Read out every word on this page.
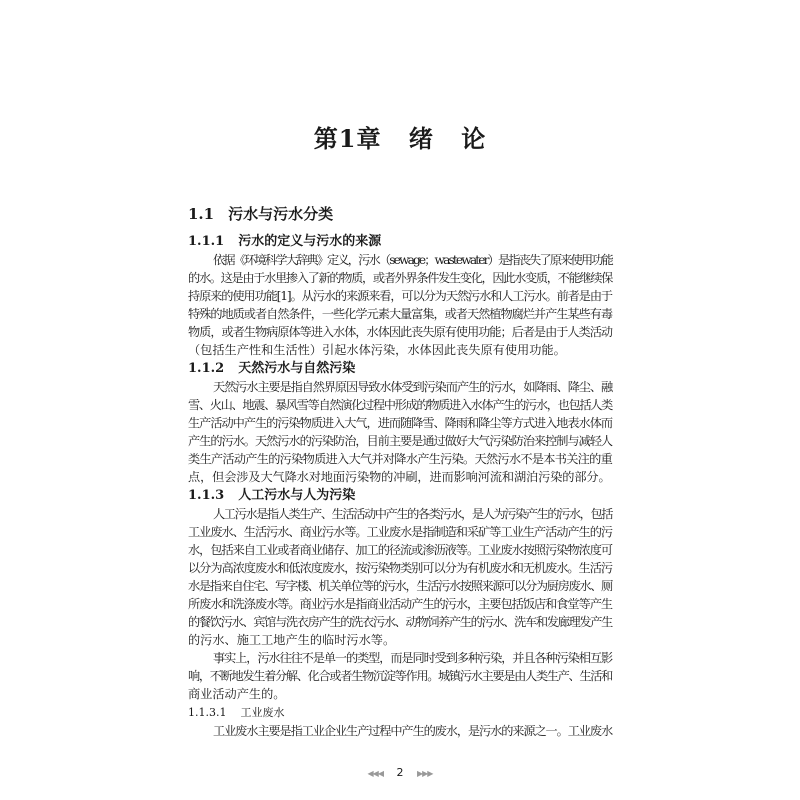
第1章 绪 论
1.1 污水与污水分类
1.1.1 污水的定义与污水的来源
依据《环境科学大辞典》定义，污水（sewage；wastewater）是指丧失了原来使用功能
的水。这是由于水里掺入了新的物质，或者外界条件发生变化，因此水变质，不能继续保
持原来的使用功能[1]。从污水的来源来看，可以分为天然污水和人工污水。前者是由于
特殊的地质或者自然条件，一些化学元素大量富集，或者天然植物腐烂并产生某些有毒
物质，或者生物病原体等进入水体，水体因此丧失原有使用功能；后者是由于人类活动
（包括生产性和生活性）引起水体污染，水体因此丧失原有使用功能。
1.1.2 天然污水与自然污染
天然污水主要是指自然界原因导致水体受到污染而产生的污水，如降雨、降尘、融
雪、火山、地震、暴风雪等自然演化过程中形成的物质进入水体产生的污水，也包括人类
生产活动中产生的污染物质进入大气，进而随降雪、降雨和降尘等方式进入地表水体而
产生的污水。天然污水的污染防治，目前主要是通过做好大气污染防治来控制与减轻人
类生产活动产生的污染物质进入大气并对降水产生污染。天然污水不是本书关注的重
点，但会涉及大气降水对地面污染物的冲刷，进而影响河流和湖泊污染的部分。
1.1.3 人工污水与人为污染
人工污水是指人类生产、生活活动中产生的各类污水，是人为污染产生的污水，包括
工业废水、生活污水、商业污水等。工业废水是指制造和采矿等工业生产活动产生的污
水，包括来自工业或者商业储存、加工的径流或渗沥液等。工业废水按照污染物浓度可
以分为高浓度废水和低浓度废水，按污染物类别可以分为有机废水和无机废水。生活污
水是指来自住宅、写字楼、机关单位等的污水，生活污水按照来源可以分为厨房废水、厕
所废水和洗涤废水等。商业污水是指商业活动产生的污水，主要包括饭店和食堂等产生
的餐饮污水、宾馆与洗衣房产生的洗衣污水、动物饲养产生的污水、洗车和发廊理发产生
的污水、施工工地产生的临时污水等。
事实上，污水往往不是单一的类型，而是同时受到多种污染，并且各种污染相互影
响，不断地发生着分解、化合或者生物沉淀等作用。城镇污水主要是由人类生产、生活和
商业活动产生的。
1.1.3.1 工业废水
工业废水主要是指工业企业生产过程中产生的废水，是污水的来源之一。工业废水
◀◀◀ 2 ▶▶▶
